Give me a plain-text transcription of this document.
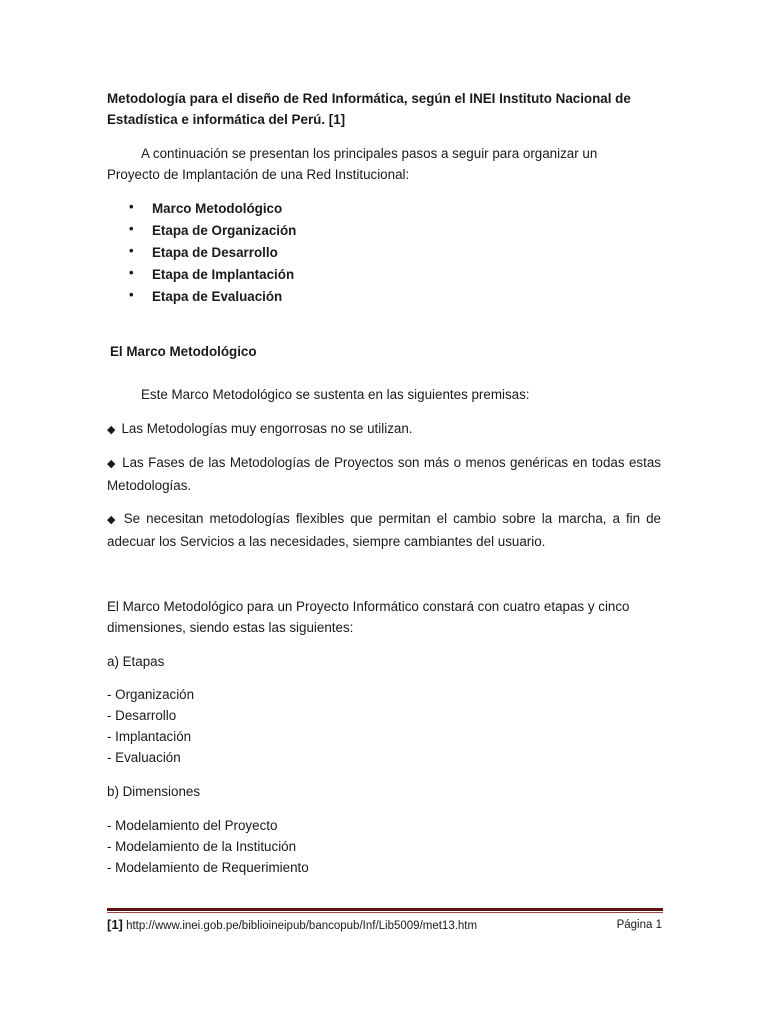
Metodología para el diseño de Red Informática, según el INEI Instituto Nacional de
Estadística e informática del Perú. [1]
A continuación se presentan los principales pasos a seguir para organizar un
Proyecto de Implantación de una Red Institucional:
• Marco Metodológico
• Etapa de Organización
• Etapa de Desarrollo
• Etapa de Implantación
• Etapa de Evaluación
El Marco Metodológico
Este Marco Metodológico se sustenta en las siguientes premisas:
◆ Las Metodologías muy engorrosas no se utilizan.
◆ Las Fases de las Metodologías de Proyectos son más o menos genéricas en todas estas Metodologías.
◆ Se necesitan metodologías flexibles que permitan el cambio sobre la marcha, a fin de adecuar los Servicios a las necesidades, siempre cambiantes del usuario.
El Marco Metodológico para un Proyecto Informático constará con cuatro etapas y cinco
dimensiones, siendo estas las siguientes:
a) Etapas
- Organización
- Desarrollo
- Implantación
- Evaluación
b) Dimensiones
- Modelamiento del Proyecto
- Modelamiento de la Institución
- Modelamiento de Requerimiento
[1] http://www.inei.gob.pe/biblioineipub/bancopub/Inf/Lib5009/met13.htm	Página 1
